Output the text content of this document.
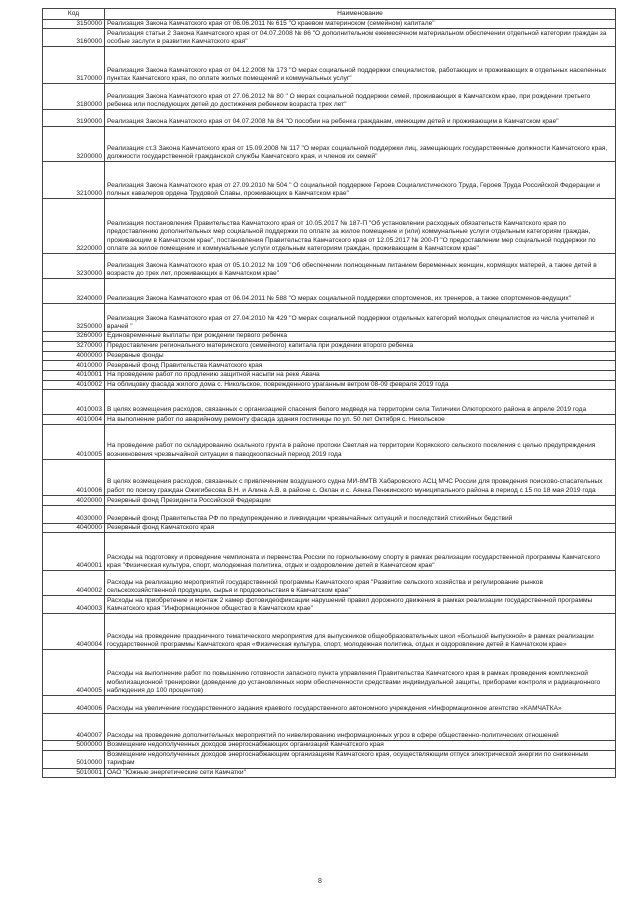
Код	Наименование
3150000	Реализация Закона Камчатского края от 06.06.2011 № 615 "О краевом материнском (семейном) капитале"
3160000	Реализация статьи 2 Закона Камчатского края от 04.07.2008 № 86 "О дополнительном ежемесячном материальном обеспечении отдельной категории граждан за особые заслуги в развитии Камчатского края"
3170000	Реализация Закона Камчатского края от 04.12.2008 № 173 "О мерах социальной поддержки специалистов, работающих и проживающих в отдельных населенных пунктах Камчатского края, по оплате жилых помещений и коммунальных услуг"
3180000	Реализация Закона Камчатского края от 27.06.2012 № 80 " О мерах социальной поддержки семей, проживающих в Камчатском крае, при рождении третьего ребенка или последующих детей до достижения ребенком возраста трех лет"
3190000	Реализация Закона Камчатского края от 04.07.2008 № 84 "О пособии на ребенка гражданам, имеющим детей и проживающим в Камчатском крае"
3200000	Реализация ст.3 Закона Камчатского края от 15.09.2008 № 117 "О мерах социальной поддержки лиц, замещающих государственные должности Камчатского края, должности государственной гражданской службы Камчатского края, и членов их семей"
3210000	Реализация Закона Камчатского края от 27.09.2010 № 504 " О социальной поддержке Героев Социалистического Труда, Героев Труда Российской Федерации и полных кавалеров ордена Трудовой Славы, проживающих в Камчатском крае"
3220000	Реализация постановления Правительства Камчатского края от 10.05.2017 № 187-П "Об установлении расходных обязательств Камчатского края по предоставлению дополнительных мер социальной поддержки по оплате за жилое помещение и (или) коммунальные услуги отдельным категориям граждан, проживающим в Камчатском крае", постановления Правительства Камчатского края от 12.05.2017 № 200-П "О предоставлении мер социальной поддержки по оплате за жилое помещение и коммунальные услуги отдельным категориям граждан, проживающим в Камчатском крае"
3230000	Реализация Закона Камчатского края от 05.10.2012 № 109 "Об обеспечении полноценным питанием беременных женщин, кормящих матерей, а также детей в возрасте до трех лет, проживающих в Камчатском крае"
3240000	Реализация Закона Камчатского края от 06.04.2011 № 588 "О мерах социальной поддержки спортсменов, их тренеров, а также спортсменов-ведущих"
3250000	Реализация Закона Камчатского края от 27.04.2010 № 429 "О мерах социальной поддержки отдельных категорий молодых специалистов из числа учителей и врачей "
3260000	Единовременные выплаты при рождении первого ребенка
3270000	Предоставление регионального материнского (семейного) капитала при рождении второго ребенка
4000000	Резервные фонды
4010000	Резервный фонд Правительства Камчатского края
4010001	На проведение работ по продлению защитной насыпи на реке Авача
4010002	На облицовку фасада жилого дома с. Никольское, поврежденного ураганным ветром 08-09 февраля 2019 года
4010003	В целях возмещения расходов, связанных с организацией спасения белого медведя на территории села Тиличики Олюторского района в апреле 2019 года
4010004	На выполнение работ по аварийному ремонту фасада здания гостиницы по ул. 50 лет Октября с. Никольское
4010005	На проведение работ по складированию скального грунта в районе протоки Светлая на территории Корякского сельского поселения с целью предупреждения возникновения чрезвычайной ситуации в паводкоопасный период 2019 года
4010006	В целях возмещения расходов, связанных с привлечением воздушного судна МИ-8МТВ Хабаровского АСЦ МЧС России для проведения поисково-спасательных работ по поиску граждан Ожигибесова В.Н. и Алина А.В. в районе с. Оклан и с. Аянка Пенжинского муниципального района в период с 15 по 18 мая 2019 года
4020000	Резервный фонд Президента Российской Федерации
4030000	Резервный фонд Правительства РФ по предупреждению и ликвидации чрезвычайных ситуаций и последствий стихийных бедствий
4040000	Резервный фонд Камчатского края
4040001	Расходы на подготовку и проведение чемпионата и первенства России по горнолыжному спорту в рамках реализации государственной программы Камчатского края "Физическая культура, спорт, молодежная политика, отдых и оздоровление детей в Камчатском крае"
4040002	Расходы на реализацию мероприятий государственной программы Камчатского края "Развитие сельского хозяйства и регулирование рынков сельскохозяйственной продукции, сырья и продовольствия в Камчатском крае"
4040003	Расходы на приобретение и монтаж 2 камер фотовидеофиксации нарушений правил дорожного движения в рамках реализации государственной программы Камчатского края "Информационное общество в Камчатском крае"
4040004	Расходы на проведение праздничного тематического мероприятия для выпускников общеобразовательных школ «Большой выпускной» в рамках реализации государственной программы Камчатского края «Физическая культура, спорт, молодежная политика, отдых и оздоровление детей в Камчатском крае»
4040005	Расходы на выполнение работ по повышению готовности запасного пункта управления Правительства Камчатского края в рамках проведения комплексной мобилизационной тренировки (доведение до установленных норм обеспеченности средствами индивидуальной защиты, приборами контроля и радиационного наблюдения до 100 процентов)
4040006	Расходы на увеличение государственного задания краевого государственного автономного учреждения «Информационное агентство «КАМЧАТКА»
4040007	Расходы на проведение дополнительных мероприятий по нивелированию информационных угроз в сфере общественно-политических отношений
5000000	Возмещение недополученных доходов энергоснабжающих организаций Камчатского края
5010000	Возмещение недополученных доходов энергоснабжающим организациям Камчатского края, осуществляющим отпуск электрической энергии по сниженным тарифам
5010001	ОАО "Южные энергетические сети Камчатки"
8
